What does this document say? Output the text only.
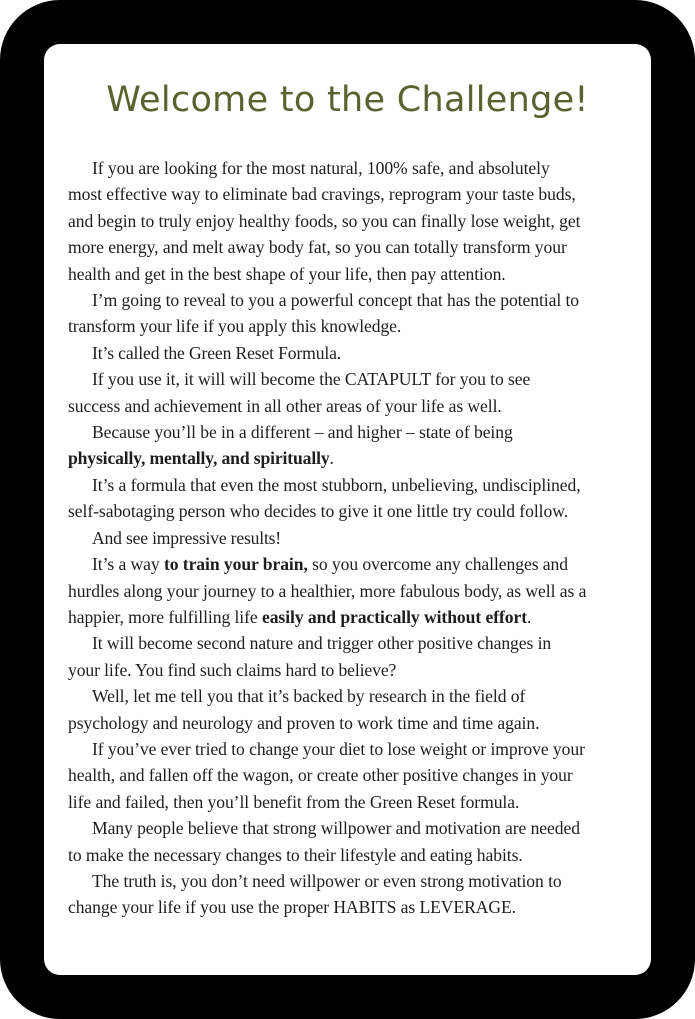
Welcome to the Challenge!

If you are looking for the most natural, 100% safe, and absolutely

most effective way to eliminate bad cravings, reprogram your taste buds,

and begin to truly enjoy healthy foods, so you can finally lose weight, get

more energy, and melt away body fat, so you can totally transform your

health and get in the best shape of your life, then pay attention.

I’m going to reveal to you a powerful concept that has the potential to

transform your life if you apply this knowledge.

It’s called the Green Reset Formula.

If you use it, it will will become the CATAPULT for you to see

success and achievement in all other areas of your life as well.

Because you’ll be in a different – and higher – state of being

physically, mentally, and spiritually.

It’s a formula that even the most stubborn, unbelieving, undisciplined,

self-sabotaging person who decides to give it one little try could follow.

And see impressive results!

It’s a way to train your brain, so you overcome any challenges and

hurdles along your journey to a healthier, more fabulous body, as well as a

happier, more fulfilling life easily and practically without effort.

It will become second nature and trigger other positive changes in

your life. You find such claims hard to believe?

Well, let me tell you that it’s backed by research in the field of

psychology and neurology and proven to work time and time again.

If you’ve ever tried to change your diet to lose weight or improve your

health, and fallen off the wagon, or create other positive changes in your

life and failed, then you’ll benefit from the Green Reset formula.

Many people believe that strong willpower and motivation are needed

to make the necessary changes to their lifestyle and eating habits.

The truth is, you don’t need willpower or even strong motivation to

change your life if you use the proper HABITS as LEVERAGE.
